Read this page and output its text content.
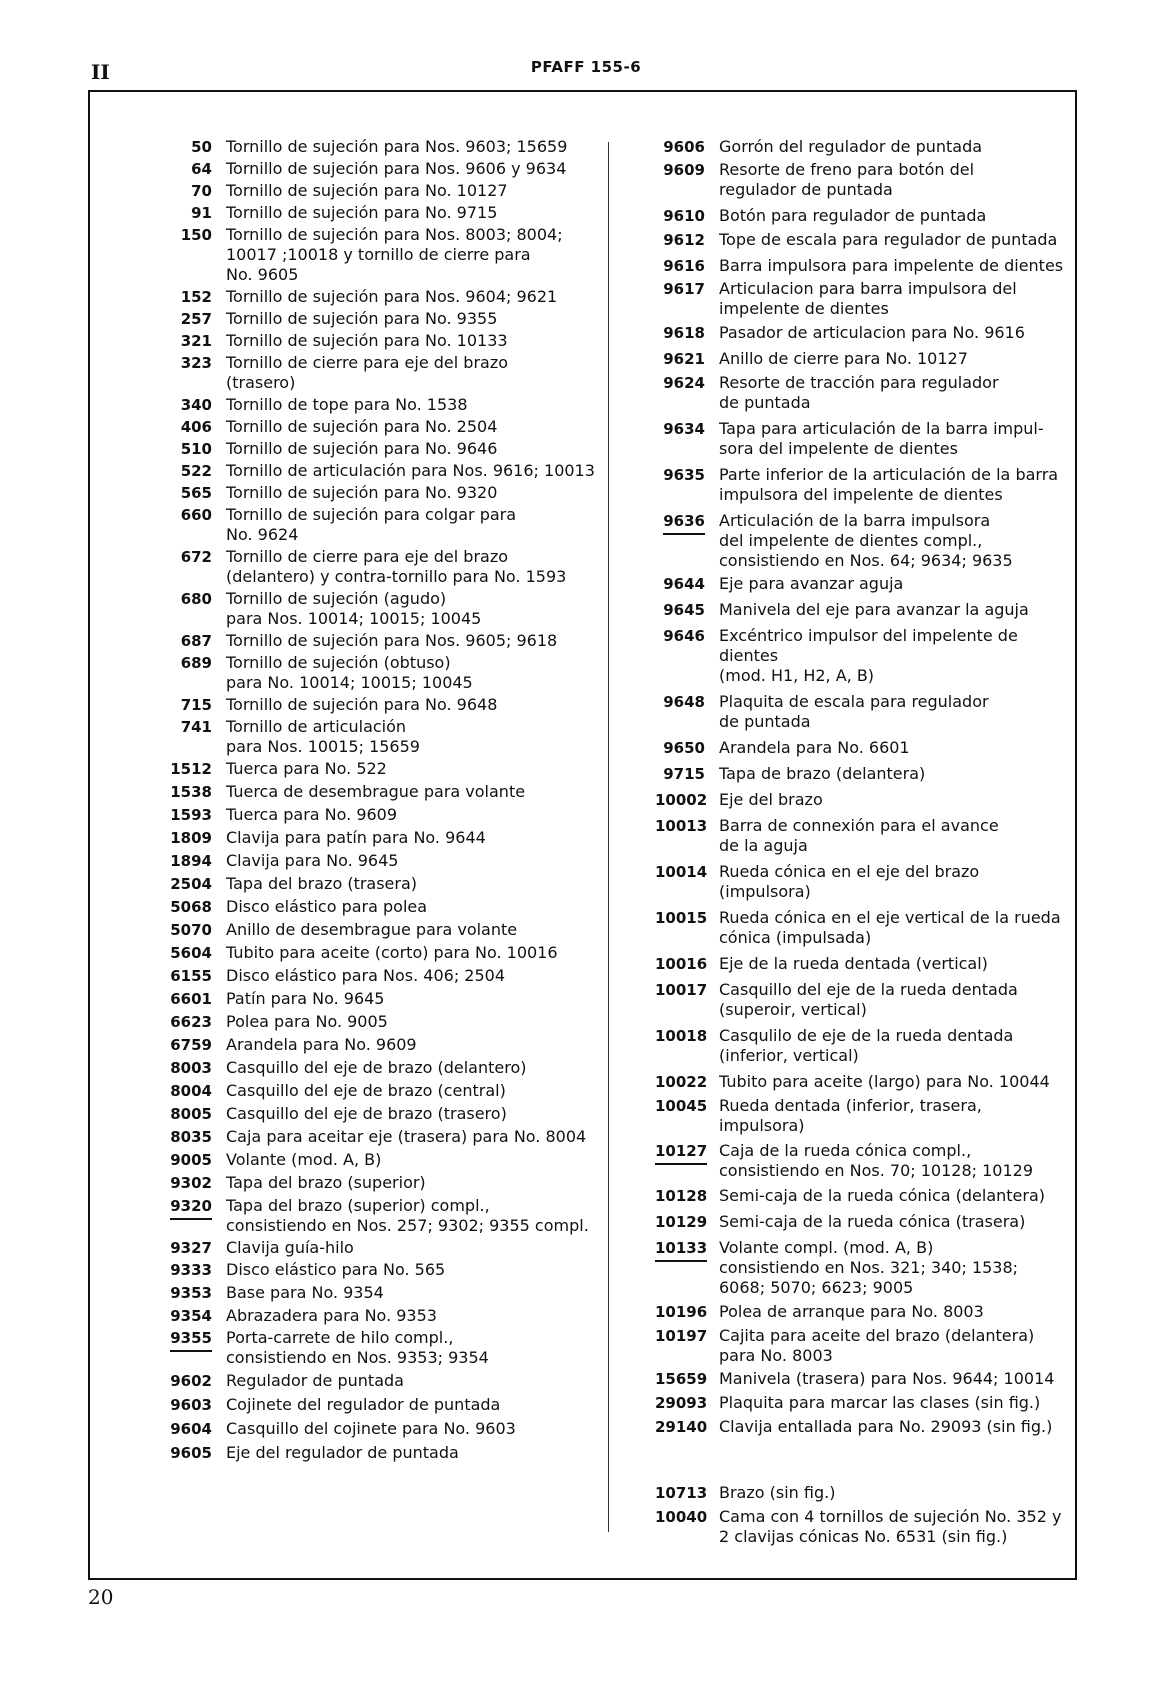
II	PFAFF 155-6
50 Tornillo de sujeción para Nos. 9603; 15659
64 Tornillo de sujeción para Nos. 9606 y 9634
70 Tornillo de sujeción para No. 10127
91 Tornillo de sujeción para No. 9715
150 Tornillo de sujeción para Nos. 8003; 8004;
10017 ;10018 y tornillo de cierre para
No. 9605
152 Tornillo de sujeción para Nos. 9604; 9621
257 Tornillo de sujeción para No. 9355
321 Tornillo de sujeción para No. 10133
323 Tornillo de cierre para eje del brazo
(trasero)
340 Tornillo de tope para No. 1538
406 Tornillo de sujeción para No. 2504
510 Tornillo de sujeción para No. 9646
522 Tornillo de articulación para Nos. 9616; 10013
565 Tornillo de sujeción para No. 9320
660 Tornillo de sujeción para colgar para
No. 9624
672 Tornillo de cierre para eje del brazo
(delantero) y contra-tornillo para No. 1593
680 Tornillo de sujeción (agudo)
para Nos. 10014; 10015; 10045
687 Tornillo de sujeción para Nos. 9605; 9618
689 Tornillo de sujeción (obtuso)
para No. 10014; 10015; 10045
715 Tornillo de sujeción para No. 9648
741 Tornillo de articulación
para Nos. 10015; 15659
1512 Tuerca para No. 522
1538 Tuerca de desembrague para volante
1593 Tuerca para No. 9609
1809 Clavija para patín para No. 9644
1894 Clavija para No. 9645
2504 Tapa del brazo (trasera)
5068 Disco elástico para polea
5070 Anillo de desembrague para volante
5604 Tubito para aceite (corto) para No. 10016
6155 Disco elástico para Nos. 406; 2504
6601 Patín para No. 9645
6623 Polea para No. 9005
6759 Arandela para No. 9609
8003 Casquillo del eje de brazo (delantero)
8004 Casquillo del eje de brazo (central)
8005 Casquillo del eje de brazo (trasero)
8035 Caja para aceitar eje (trasera) para No. 8004
9005 Volante (mod. A, B)
9302 Tapa del brazo (superior)
9320 Tapa del brazo (superior) compl.,
consistiendo en Nos. 257; 9302; 9355 compl.
9327 Clavija guía-hilo
9333 Disco elástico para No. 565
9353 Base para No. 9354
9354 Abrazadera para No. 9353
9355 Porta-carrete de hilo compl.,
consistiendo en Nos. 9353; 9354
9602 Regulador de puntada
9603 Cojinete del regulador de puntada
9604 Casquillo del cojinete para No. 9603
9605 Eje del regulador de puntada
9606 Gorrón del regulador de puntada
9609 Resorte de freno para botón del
regulador de puntada
9610 Botón para regulador de puntada
9612 Tope de escala para regulador de puntada
9616 Barra impulsora para impelente de dientes
9617 Articulacion para barra impulsora del
impelente de dientes
9618 Pasador de articulacion para No. 9616
9621 Anillo de cierre para No. 10127
9624 Resorte de tracción para regulador
de puntada
9634 Tapa para articulación de la barra impul-
sora del impelente de dientes
9635 Parte inferior de la articulación de la barra
impulsora del impelente de dientes
9636 Articulación de la barra impulsora
del impelente de dientes compl.,
consistiendo en Nos. 64; 9634; 9635
9644 Eje para avanzar aguja
9645 Manivela del eje para avanzar la aguja
9646 Excéntrico impulsor del impelente de dientes
(mod. H1, H2, A, B)
9648 Plaquita de escala para regulador
de puntada
9650 Arandela para No. 6601
9715 Tapa de brazo (delantera)
10002 Eje del brazo
10013 Barra de connexión para el avance
de la aguja
10014 Rueda cónica en el eje del brazo (impulsora)
10015 Rueda cónica en el eje vertical de la rueda
cónica (impulsada)
10016 Eje de la rueda dentada (vertical)
10017 Casquillo del eje de la rueda dentada
(superoir, vertical)
10018 Casqulilo de eje de la rueda dentada
(inferior, vertical)
10022 Tubito para aceite (largo) para No. 10044
10045 Rueda dentada (inferior, trasera, impulsora)
10127 Caja de la rueda cónica compl.,
consistiendo en Nos. 70; 10128; 10129
10128 Semi-caja de la rueda cónica (delantera)
10129 Semi-caja de la rueda cónica (trasera)
10133 Volante compl. (mod. A, B)
consistiendo en Nos. 321; 340; 1538;
6068; 5070; 6623; 9005
10196 Polea de arranque para No. 8003
10197 Cajita para aceite del brazo (delantera)
para No. 8003
15659 Manivela (trasera) para Nos. 9644; 10014
29093 Plaquita para marcar las clases (sin fig.)
29140 Clavija entallada para No. 29093 (sin fig.)
10713 Brazo (sin fig.)
10040 Cama con 4 tornillos de sujeción No. 352 y
2 clavijas cónicas No. 6531 (sin fig.)
20
